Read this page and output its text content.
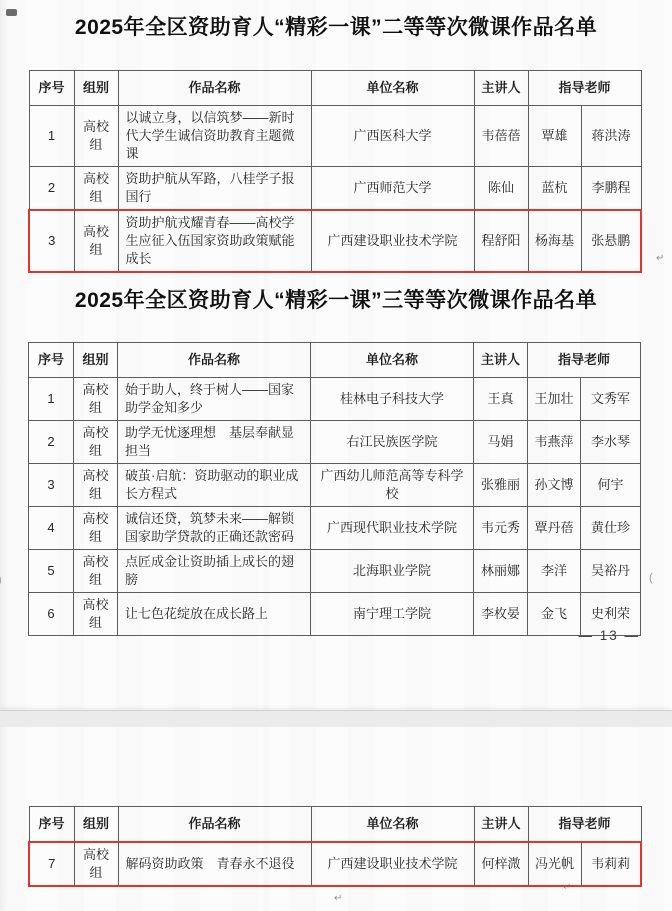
2025年全区资助育人“精彩一课”二等等次微课作品名单
序号	组别	作品名称	单位名称	主讲人	指导老师	
1	高校组	以诚立身，以信筑梦——新时代大学生诚信资助教育主题微课	广西医科大学	韦蓓蓓	覃雄	蒋洪涛
2	高校组	资助护航从军路，八桂学子报国行	广西师范大学	陈仙	蓝杭	李鹏程
3	高校组	资助护航戎耀青春——高校学生应征入伍国家资助政策赋能成长	广西建设职业技术学院	程舒阳	杨海基	张悬鹏
2025年全区资助育人“精彩一课”三等等次微课作品名单
序号	组别	作品名称	单位名称	主讲人	指导老师	
1	高校组	始于助人，终于树人——国家助学金知多少	桂林电子科技大学	王真	王加壮	文秀军
2	高校组	助学无忧逐理想　基层奉献显担当	右江民族医学院	马娟	韦燕萍	李水琴
3	高校组	破茧·启航：资助驱动的职业成长方程式	广西幼儿师范高等专科学校	张雅丽	孙文博	何宇
4	高校组	诚信还贷，筑梦未来——解锁国家助学贷款的正确还款密码	广西现代职业技术学院	韦元秀	覃丹蓓	黄仕珍
5	高校组	点匠成金让资助插上成长的翅膀	北海职业学院	林丽娜	李洋	吴裕丹
6	高校组	让七色花绽放在成长路上	南宁理工学院	李枚晏	金飞	史利荣
(
— 13 —
↵
↵
↵
序号	组别	作品名称	单位名称	主讲人	指导老师	
7	高校组	解码资助政策　青春永不退役	广西建设职业技术学院	何梓溦	冯光帆	韦莉莉
